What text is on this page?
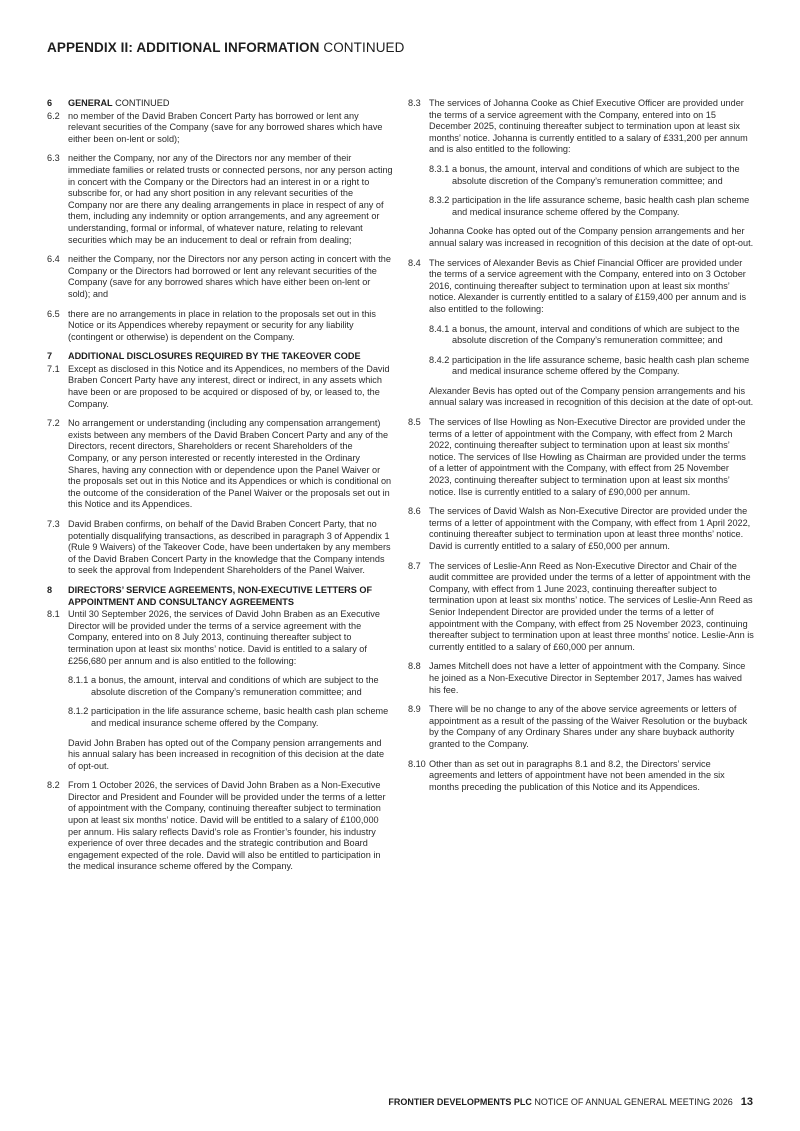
APPENDIX II: ADDITIONAL INFORMATION CONTINUED
6 GENERAL CONTINUED
6.2 no member of the David Braben Concert Party has borrowed or lent any relevant securities of the Company (save for any borrowed shares which have either been on-lent or sold);
6.3 neither the Company, nor any of the Directors nor any member of their immediate families or related trusts or connected persons, nor any person acting in concert with the Company or the Directors had an interest in or a right to subscribe for, or had any short position in any relevant securities of the Company nor are there any dealing arrangements in place in respect of any of them, including any indemnity or option arrangements, and any agreement or understanding, formal or informal, of whatever nature, relating to relevant securities which may be an inducement to deal or refrain from dealing;
6.4 neither the Company, nor the Directors nor any person acting in concert with the Company or the Directors had borrowed or lent any relevant securities of the Company (save for any borrowed shares which have either been on-lent or sold); and
6.5 there are no arrangements in place in relation to the proposals set out in this Notice or its Appendices whereby repayment or security for any liability (contingent or otherwise) is dependent on the Company.
7 ADDITIONAL DISCLOSURES REQUIRED BY THE TAKEOVER CODE
7.1 Except as disclosed in this Notice and its Appendices, no members of the David Braben Concert Party have any interest, direct or indirect, in any assets which have been or are proposed to be acquired or disposed of by, or leased to, the Company.
7.2 No arrangement or understanding (including any compensation arrangement) exists between any members of the David Braben Concert Party and any of the Directors, recent directors, Shareholders or recent Shareholders of the Company, or any person interested or recently interested in the Ordinary Shares, having any connection with or dependence upon the Panel Waiver or the proposals set out in this Notice and its Appendices or which is conditional on the outcome of the consideration of the Panel Waiver or the proposals set out in this Notice and its Appendices.
7.3 David Braben confirms, on behalf of the David Braben Concert Party, that no potentially disqualifying transactions, as described in paragraph 3 of Appendix 1 (Rule 9 Waivers) of the Takeover Code, have been undertaken by any members of the David Braben Concert Party in the knowledge that the Company intends to seek the approval from Independent Shareholders of the Panel Waiver.
8 DIRECTORS’ SERVICE AGREEMENTS, NON-EXECUTIVE LETTERS OF APPOINTMENT AND CONSULTANCY AGREEMENTS
8.1 Until 30 September 2026, the services of David John Braben as an Executive Director will be provided under the terms of a service agreement with the Company, entered into on 8 July 2013, continuing thereafter subject to termination upon at least six months’ notice. David is entitled to a salary of £256,680 per annum and is also entitled to the following:
8.1.1 a bonus, the amount, interval and conditions of which are subject to the absolute discretion of the Company’s remuneration committee; and
8.1.2 participation in the life assurance scheme, basic health cash plan scheme and medical insurance scheme offered by the Company.
David John Braben has opted out of the Company pension arrangements and his annual salary has been increased in recognition of this decision at the date of opt-out.
8.2 From 1 October 2026, the services of David John Braben as a Non-Executive Director and President and Founder will be provided under the terms of a letter of appointment with the Company, continuing thereafter subject to termination upon at least six months’ notice. David will be entitled to a salary of £100,000 per annum. His salary reflects David’s role as Frontier’s founder, his industry experience of over three decades and the strategic contribution and Board engagement expected of the role. David will also be entitled to participation in the medical insurance scheme offered by the Company.
8.3 The services of Johanna Cooke as Chief Executive Officer are provided under the terms of a service agreement with the Company, entered into on 15 December 2025, continuing thereafter subject to termination upon at least six months’ notice. Johanna is currently entitled to a salary of £331,200 per annum and is also entitled to the following:
8.3.1 a bonus, the amount, interval and conditions of which are subject to the absolute discretion of the Company’s remuneration committee; and
8.3.2 participation in the life assurance scheme, basic health cash plan scheme and medical insurance scheme offered by the Company.
Johanna Cooke has opted out of the Company pension arrangements and her annual salary was increased in recognition of this decision at the date of opt-out.
8.4 The services of Alexander Bevis as Chief Financial Officer are provided under the terms of a service agreement with the Company, entered into on 3 October 2016, continuing thereafter subject to termination upon at least six months’ notice. Alexander is currently entitled to a salary of £159,400 per annum and is also entitled to the following:
8.4.1 a bonus, the amount, interval and conditions of which are subject to the absolute discretion of the Company’s remuneration committee; and
8.4.2 participation in the life assurance scheme, basic health cash plan scheme and medical insurance scheme offered by the Company.
Alexander Bevis has opted out of the Company pension arrangements and his annual salary was increased in recognition of this decision at the date of opt-out.
8.5 The services of Ilse Howling as Non-Executive Director are provided under the terms of a letter of appointment with the Company, with effect from 2 March 2022, continuing thereafter subject to termination upon at least six months’ notice. The services of Ilse Howling as Chairman are provided under the terms of a letter of appointment with the Company, with effect from 25 November 2023, continuing thereafter subject to termination upon at least six months’ notice. Ilse is currently entitled to a salary of £90,000 per annum.
8.6 The services of David Walsh as Non-Executive Director are provided under the terms of a letter of appointment with the Company, with effect from 1 April 2022, continuing thereafter subject to termination upon at least three months’ notice. David is currently entitled to a salary of £50,000 per annum.
8.7 The services of Leslie-Ann Reed as Non-Executive Director and Chair of the audit committee are provided under the terms of a letter of appointment with the Company, with effect from 1 June 2023, continuing thereafter subject to termination upon at least six months’ notice. The services of Leslie-Ann Reed as Senior Independent Director are provided under the terms of a letter of appointment with the Company, with effect from 25 November 2023, continuing thereafter subject to termination upon at least three months’ notice. Leslie-Ann is currently entitled to a salary of £60,000 per annum.
8.8 James Mitchell does not have a letter of appointment with the Company. Since he joined as a Non-Executive Director in September 2017, James has waived his fee.
8.9 There will be no change to any of the above service agreements or letters of appointment as a result of the passing of the Waiver Resolution or the buyback by the Company of any Ordinary Shares under any share buyback authority granted to the Company.
8.10 Other than as set out in paragraphs 8.1 and 8.2, the Directors’ service agreements and letters of appointment have not been amended in the six months preceding the publication of this Notice and its Appendices.
FRONTIER DEVELOPMENTS PLC NOTICE OF ANNUAL GENERAL MEETING 2026 13
